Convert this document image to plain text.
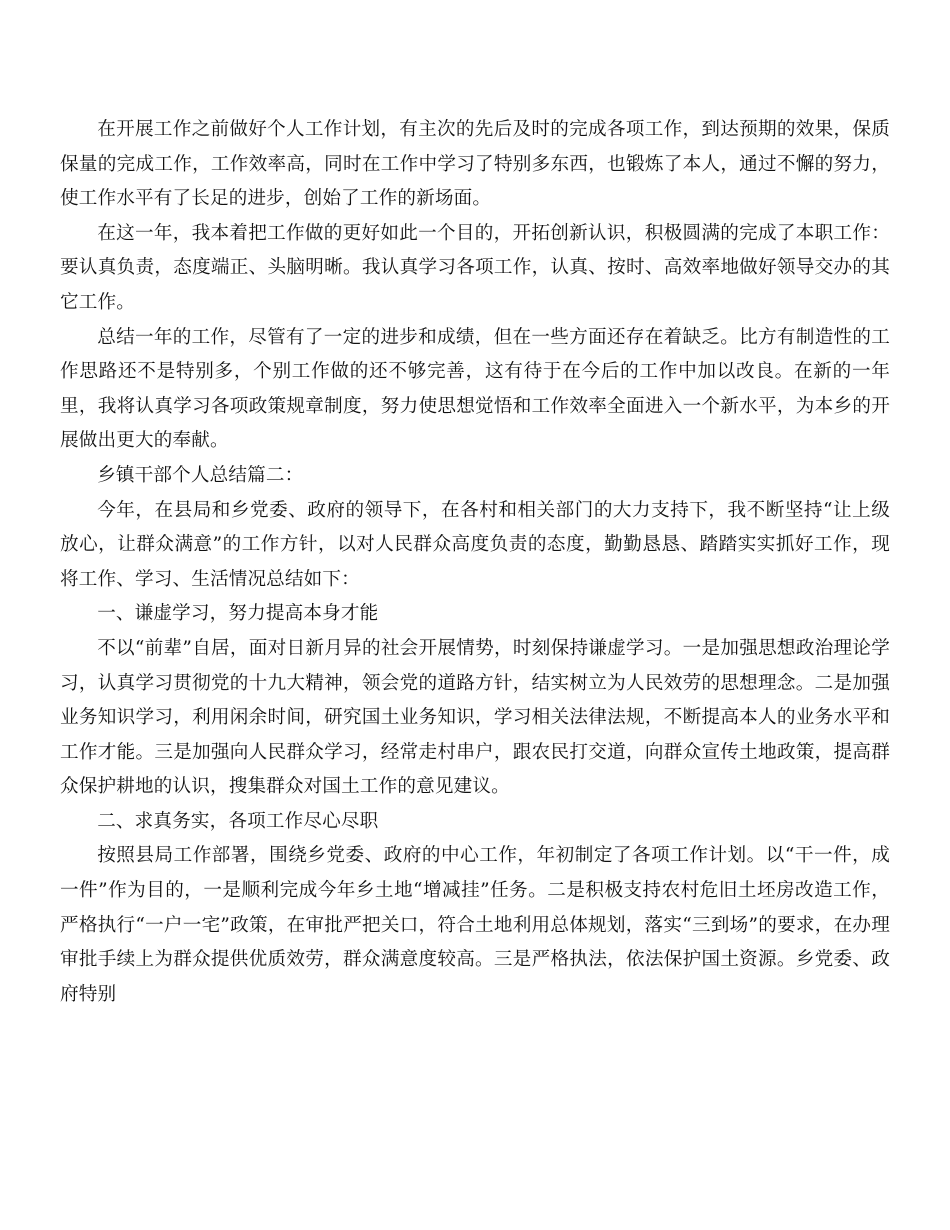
在开展工作之前做好个人工作计划，有主次的先后及时的完成各项工作，到达预期的效果，保质保量的完成工作，工作效率高，同时在工作中学习了特别多东西，也锻炼了本人，通过不懈的努力，使工作水平有了长足的进步，创始了工作的新场面。

在这一年，我本着把工作做的更好如此一个目的，开拓创新认识，积极圆满的完成了本职工作：要认真负责，态度端正、头脑明晰。我认真学习各项工作，认真、按时、高效率地做好领导交办的其它工作。

总结一年的工作，尽管有了一定的进步和成绩，但在一些方面还存在着缺乏。比方有制造性的工作思路还不是特别多，个别工作做的还不够完善，这有待于在今后的工作中加以改良。在新的一年里，我将认真学习各项政策规章制度，努力使思想觉悟和工作效率全面进入一个新水平，为本乡的开展做出更大的奉献。

乡镇干部个人总结篇二：

今年，在县局和乡党委、政府的领导下，在各村和相关部门的大力支持下，我不断坚持“让上级放心，让群众满意”的工作方针，以对人民群众高度负责的态度，勤勤恳恳、踏踏实实抓好工作，现将工作、学习、生活情况总结如下：

一、谦虚学习，努力提高本身才能

不以“前辈”自居，面对日新月异的社会开展情势，时刻保持谦虚学习。一是加强思想政治理论学习，认真学习贯彻党的十九大精神，领会党的道路方针，结实树立为人民效劳的思想理念。二是加强业务知识学习，利用闲余时间，研究国土业务知识，学习相关法律法规，不断提高本人的业务水平和工作才能。三是加强向人民群众学习，经常走村串户，跟农民打交道，向群众宣传土地政策，提高群众保护耕地的认识，搜集群众对国土工作的意见建议。

二、求真务实，各项工作尽心尽职

按照县局工作部署，围绕乡党委、政府的中心工作，年初制定了各项工作计划。以“干一件，成一件”作为目的，一是顺利完成今年乡土地“增减挂”任务。二是积极支持农村危旧土坯房改造工作，严格执行“一户一宅”政策，在审批严把关口，符合土地利用总体规划，落实“三到场”的要求，在办理审批手续上为群众提供优质效劳，群众满意度较高。三是严格执法，依法保护国土资源。乡党委、政府特别
